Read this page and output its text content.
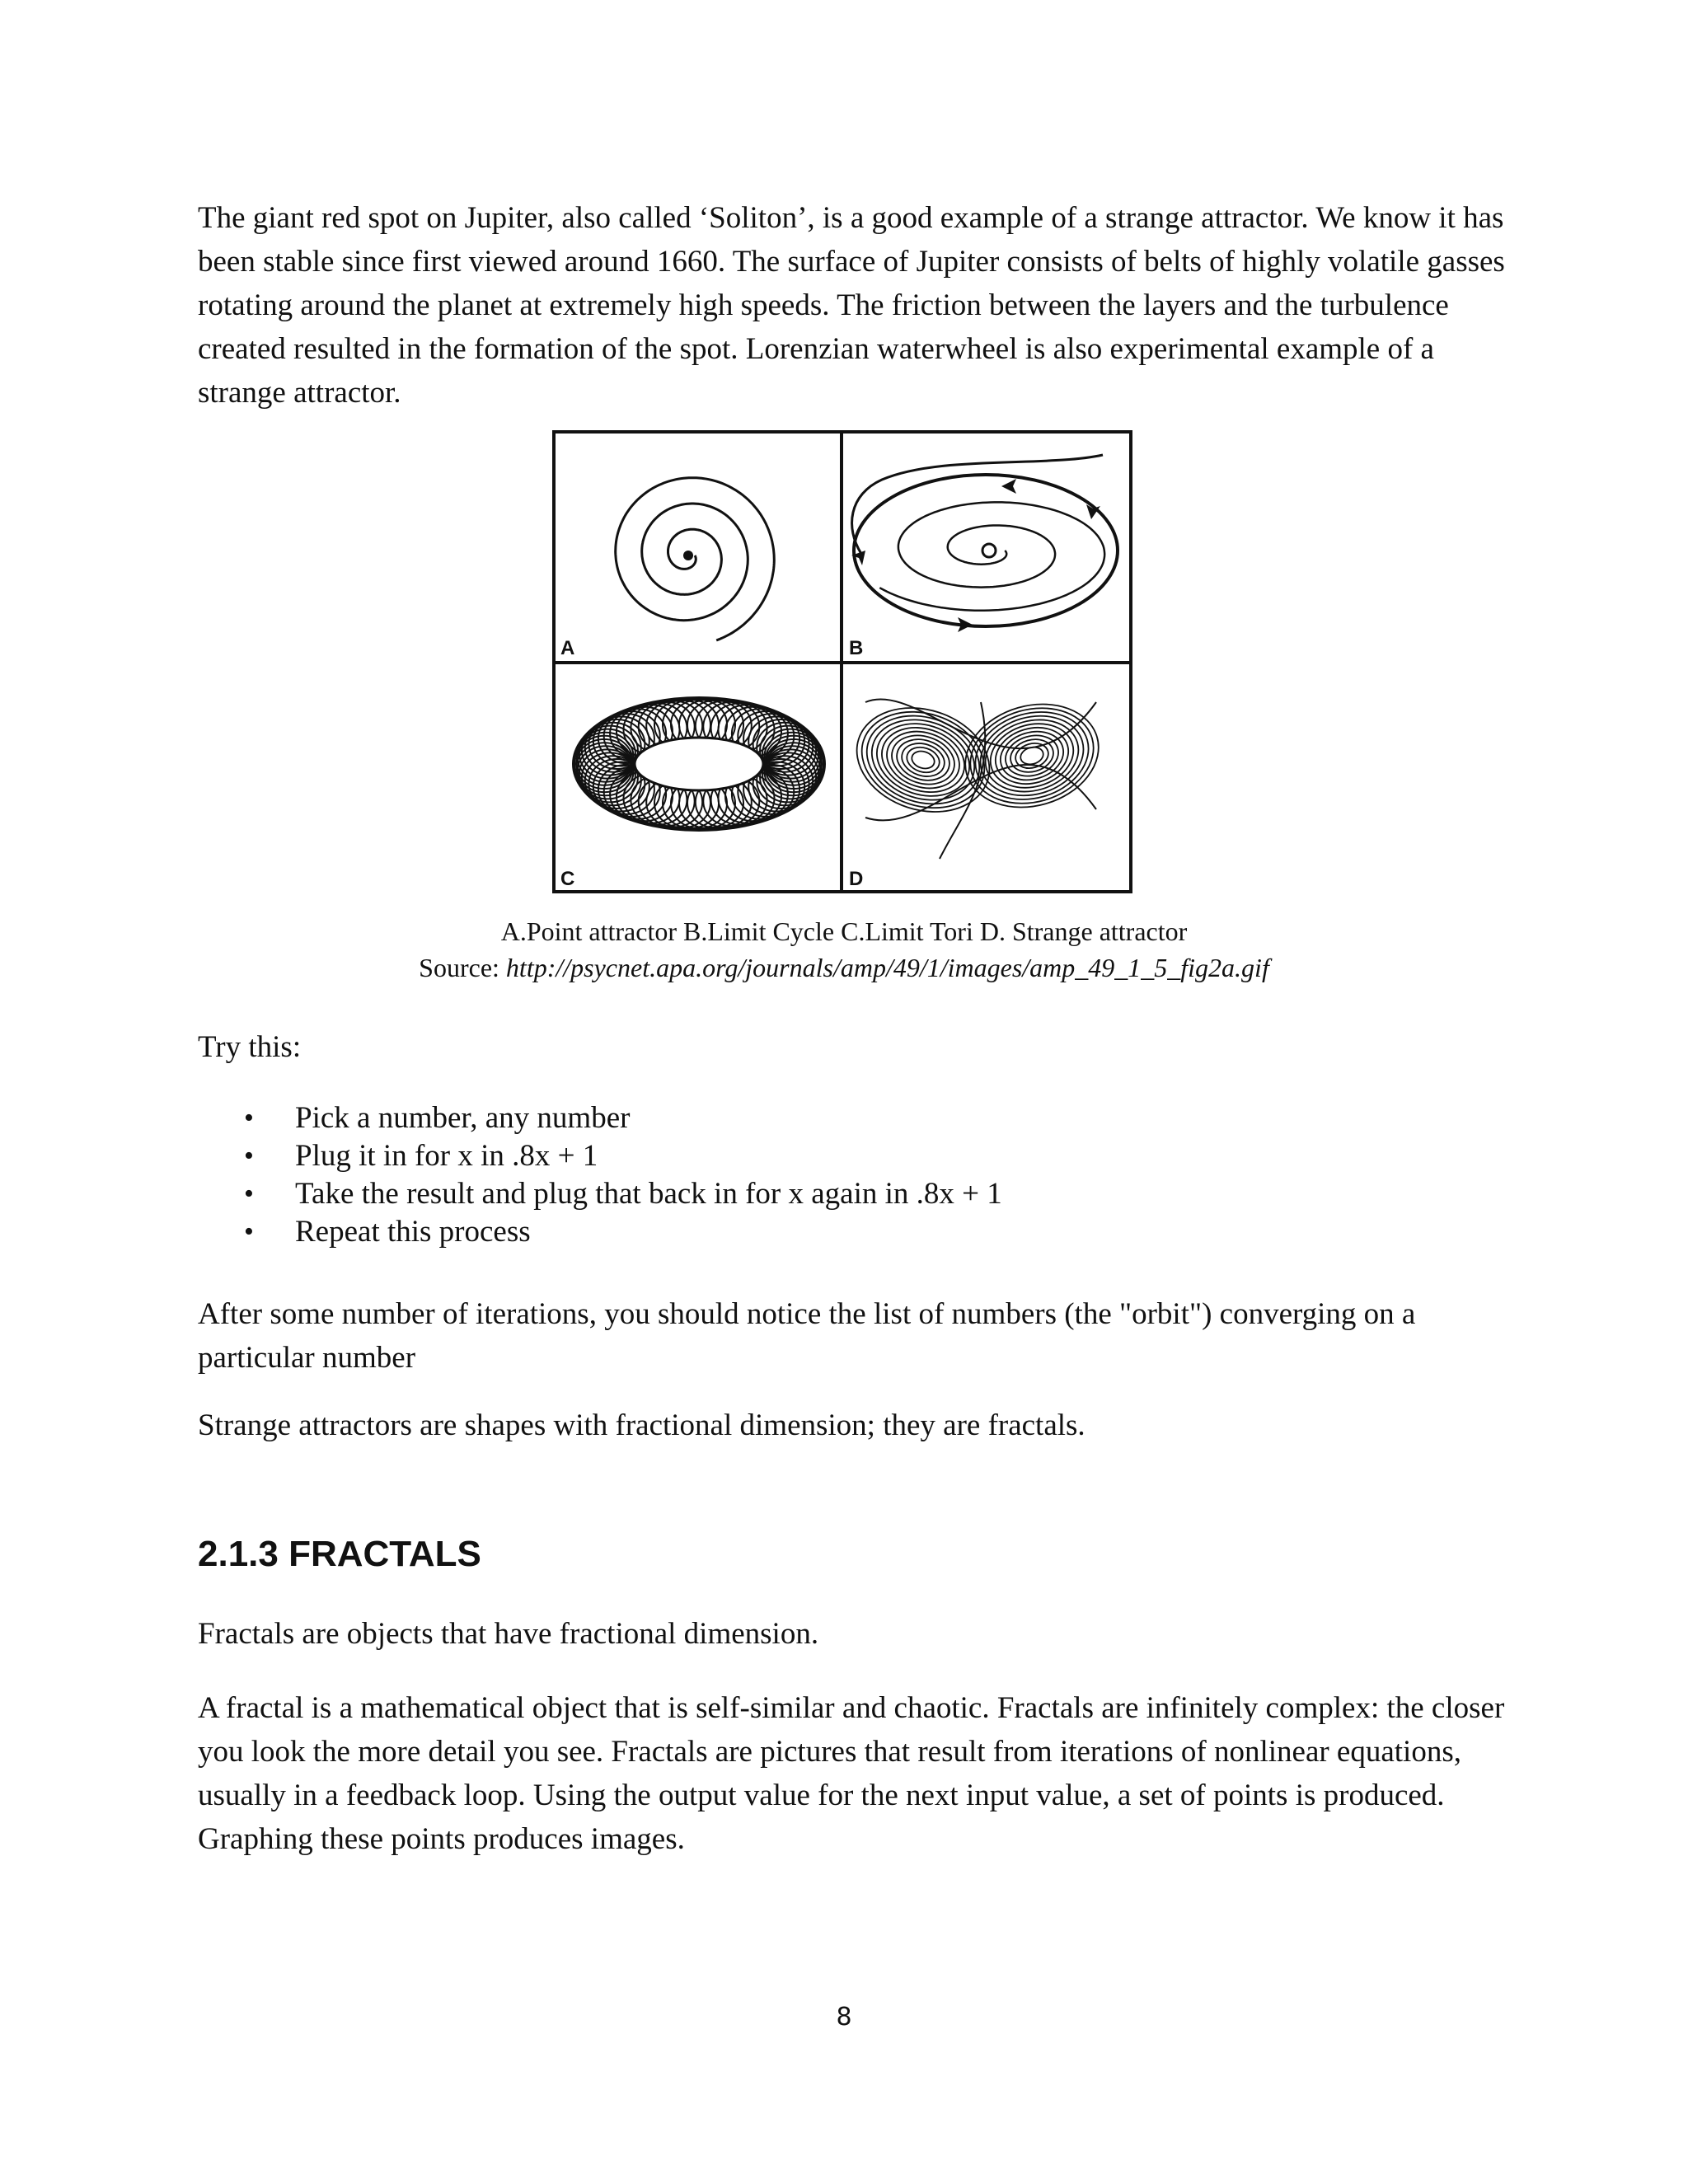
The giant red spot on Jupiter, also called ‘Soliton’, is a good example of a strange attractor. We know it has been stable since first viewed around 1660. The surface of Jupiter consists of belts of highly volatile gasses rotating around the planet at extremely high speeds. The friction between the layers and the turbulence created resulted in the formation of the spot. Lorenzian waterwheel is also experimental example of a strange attractor.

A	B
C	D

A.Point attractor B.Limit Cycle C.Limit Tori D. Strange attractor

Source: http://psycnet.apa.org/journals/amp/49/1/images/amp_49_1_5_fig2a.gif

Try this:

• Pick a number, any number
• Plug it in for x in .8x + 1
• Take the result and plug that back in for x again in .8x + 1
• Repeat this process

After some number of iterations, you should notice the list of numbers (the "orbit") converging on a particular number

Strange attractors are shapes with fractional dimension; they are fractals.

2.1.3 FRACTALS

Fractals are objects that have fractional dimension.

A fractal is a mathematical object that is self-similar and chaotic. Fractals are infinitely complex: the closer you look the more detail you see. Fractals are pictures that result from iterations of nonlinear equations, usually in a feedback loop. Using the output value for the next input value, a set of points is produced. Graphing these points produces images.

8
